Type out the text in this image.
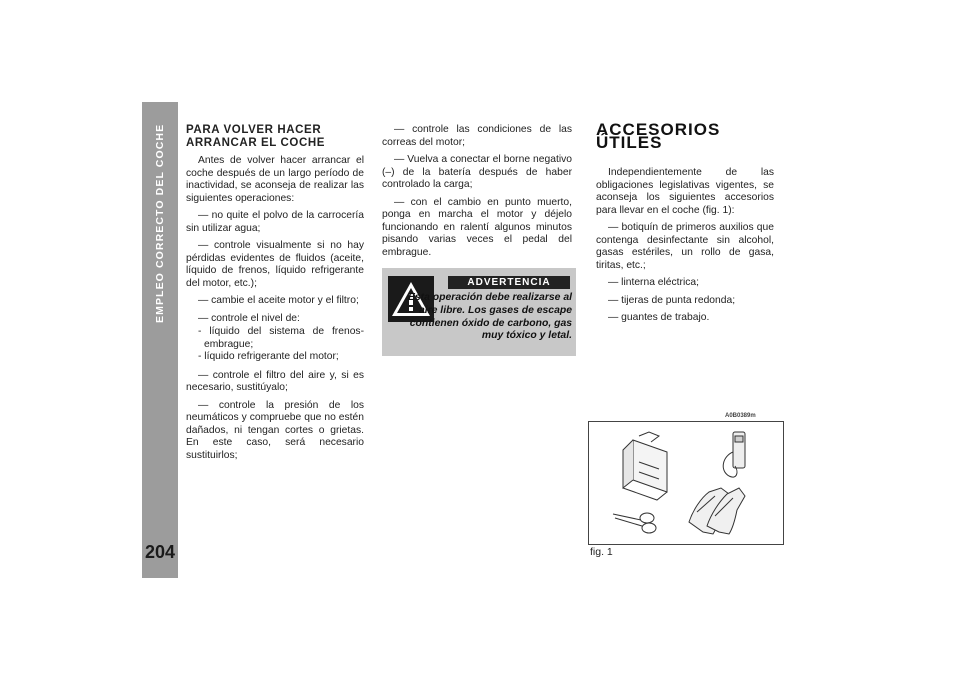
EMPLEO CORRECTO DEL COCHE
204
PARA VOLVER HACER ARRANCAR EL COCHE

Antes de volver hacer arrancar el coche después de un largo período de inactividad, se aconseja de realizar las siguientes operaciones:

— no quite el polvo de la carrocería sin utilizar agua;

— controle visualmente si no hay pérdidas evidentes de fluidos (aceite, líquido de frenos, líquido refrigerante del motor, etc.);

— cambie el aceite motor y el filtro;

— controle el nivel de:

- líquido del sistema de frenos-embrague;

- líquido refrigerante del motor;

— controle el filtro del aire y, si es necesario, sustitúyalo;

— controle la presión de los neumáticos y compruebe que no estén dañados, ni tengan cortes o grietas. En este caso, será necesario sustituirlos;

— controle las condiciones de las correas del motor;

— Vuelva a conectar el borne negativo (–) de la batería después de haber controlado la carga;

— con el cambio en punto muerto, ponga en marcha el motor y déjelo funcionando en ralentí algunos minutos pisando varias veces el pedal del embrague.

ADVERTENCIA
Esta operación debe realizarse al aire libre. Los gases de escape contienen óxido de carbono, gas muy tóxico y letal.
ACCESORIOS ÚTILES

Independientemente de las obligaciones legislativas vigentes, se aconseja los siguientes accesorios para llevar en el coche (fig. 1):

— botiquín de primeros auxilios que contenga desinfectante sin alcohol, gasas estériles, un rollo de gasa, tiritas, etc.;

— linterna eléctrica;

— tijeras de punta redonda;

— guantes de trabajo.

A0B0389m
fig. 1
